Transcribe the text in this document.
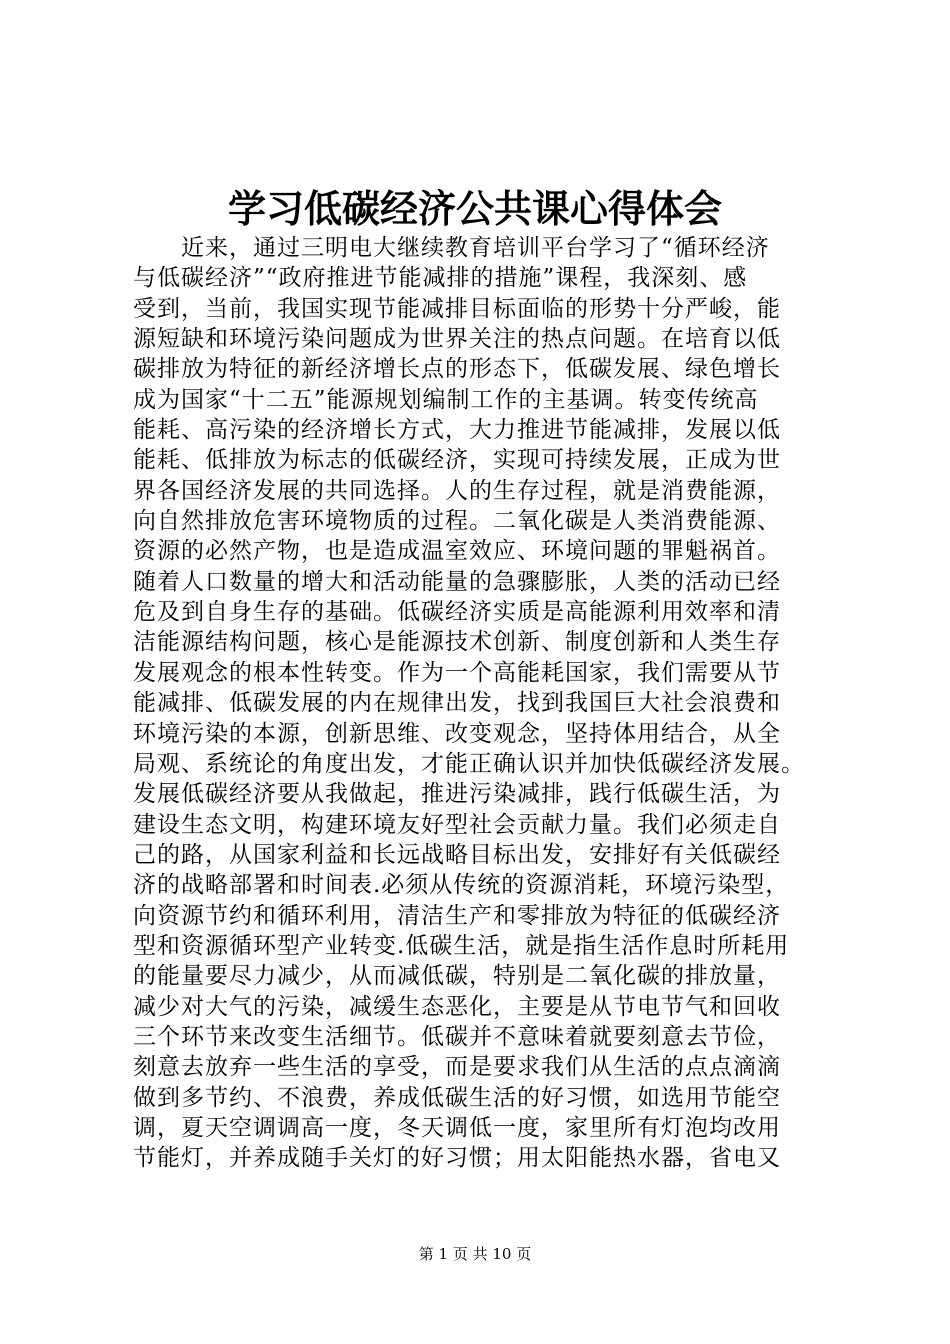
学习低碳经济公共课心得体会
近来，通过三明电大继续教育培训平台学习了“循环经济
与低碳经济”“政府推进节能减排的措施”课程，我深刻、感
受到，当前，我国实现节能减排目标面临的形势十分严峻，能
源短缺和环境污染问题成为世界关注的热点问题。在培育以低
碳排放为特征的新经济增长点的形态下，低碳发展、绿色增长
成为国家“十二五”能源规划编制工作的主基调。转变传统高
能耗、高污染的经济增长方式，大力推进节能减排，发展以低
能耗、低排放为标志的低碳经济，实现可持续发展，正成为世
界各国经济发展的共同选择。人的生存过程，就是消费能源，
向自然排放危害环境物质的过程。二氧化碳是人类消费能源、
资源的必然产物，也是造成温室效应、环境问题的罪魁祸首。
随着人口数量的增大和活动能量的急骤膨胀，人类的活动已经
危及到自身生存的基础。低碳经济实质是高能源利用效率和清
洁能源结构问题，核心是能源技术创新、制度创新和人类生存
发展观念的根本性转变。作为一个高能耗国家，我们需要从节
能减排、低碳发展的内在规律出发，找到我国巨大社会浪费和
环境污染的本源，创新思维、改变观念，坚持体用结合，从全
局观、系统论的角度出发，才能正确认识并加快低碳经济发展。
发展低碳经济要从我做起，推进污染减排，践行低碳生活，为
建设生态文明，构建环境友好型社会贡献力量。我们必须走自
己的路，从国家利益和长远战略目标出发，安排好有关低碳经
济的战略部署和时间表.必须从传统的资源消耗，环境污染型，
向资源节约和循环利用，清洁生产和零排放为特征的低碳经济
型和资源循环型产业转变.低碳生活，就是指生活作息时所耗用
的能量要尽力减少，从而减低碳，特别是二氧化碳的排放量，
减少对大气的污染，减缓生态恶化，主要是从节电节气和回收
三个环节来改变生活细节。低碳并不意味着就要刻意去节俭，
刻意去放弃一些生活的享受，而是要求我们从生活的点点滴滴
做到多节约、不浪费，养成低碳生活的好习惯，如选用节能空
调，夏天空调调高一度，冬天调低一度，家里所有灯泡均改用
节能灯，并养成随手关灯的好习惯；用太阳能热水器，省电又
第 1 页 共 10 页
